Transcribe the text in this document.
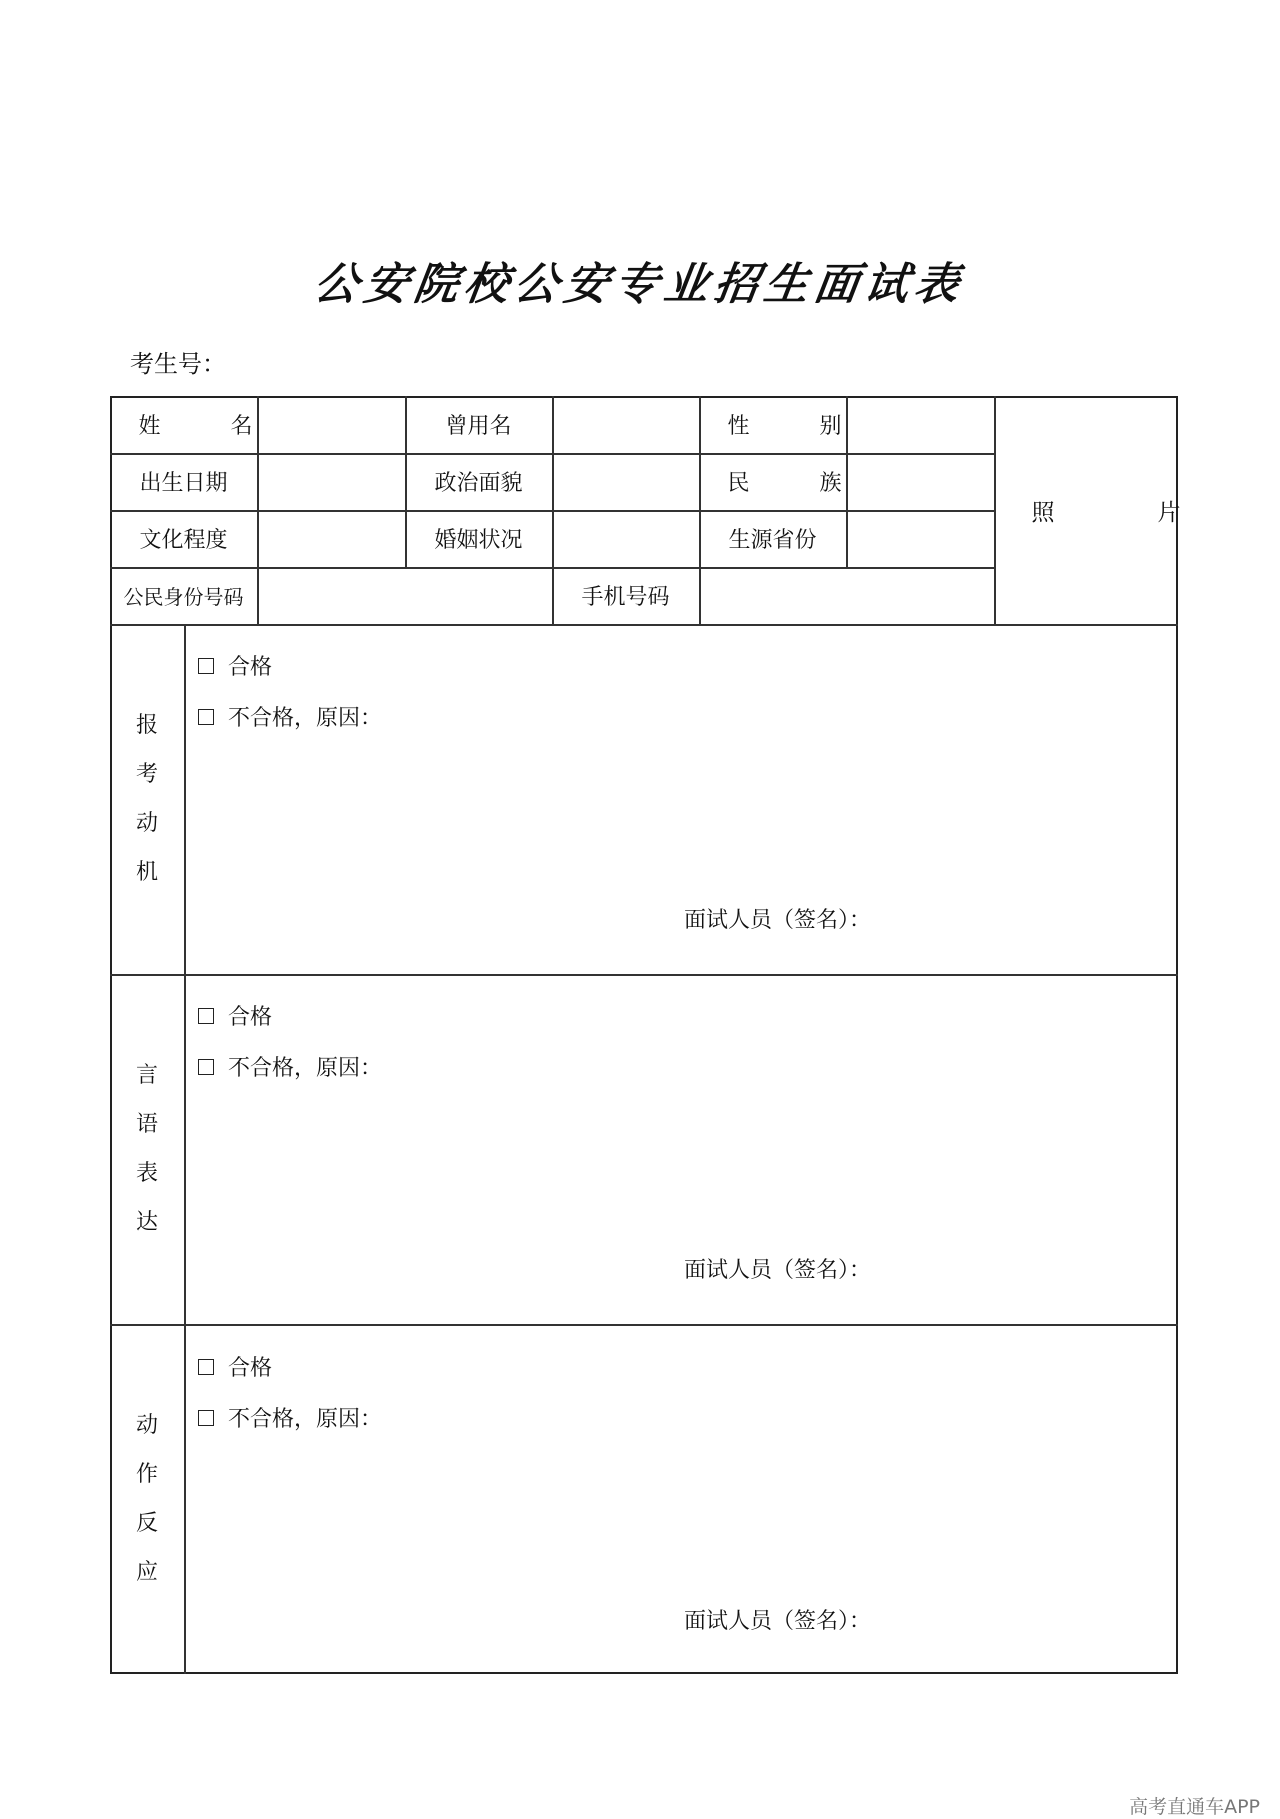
公安院校公安专业招生面试表
考生号：
姓　名	曾用名	性　别
出生日期	政治面貌	民　族
文化程度	婚姻状况	生源省份
公民身份号码	手机号码
照　片
报
考
动
机
合格
不合格，原因：
面试人员（签名）：
言
语
表
达
合格
不合格，原因：
面试人员（签名）：
动
作
反
应
合格
不合格，原因：
面试人员（签名）：
高考直通车APP
